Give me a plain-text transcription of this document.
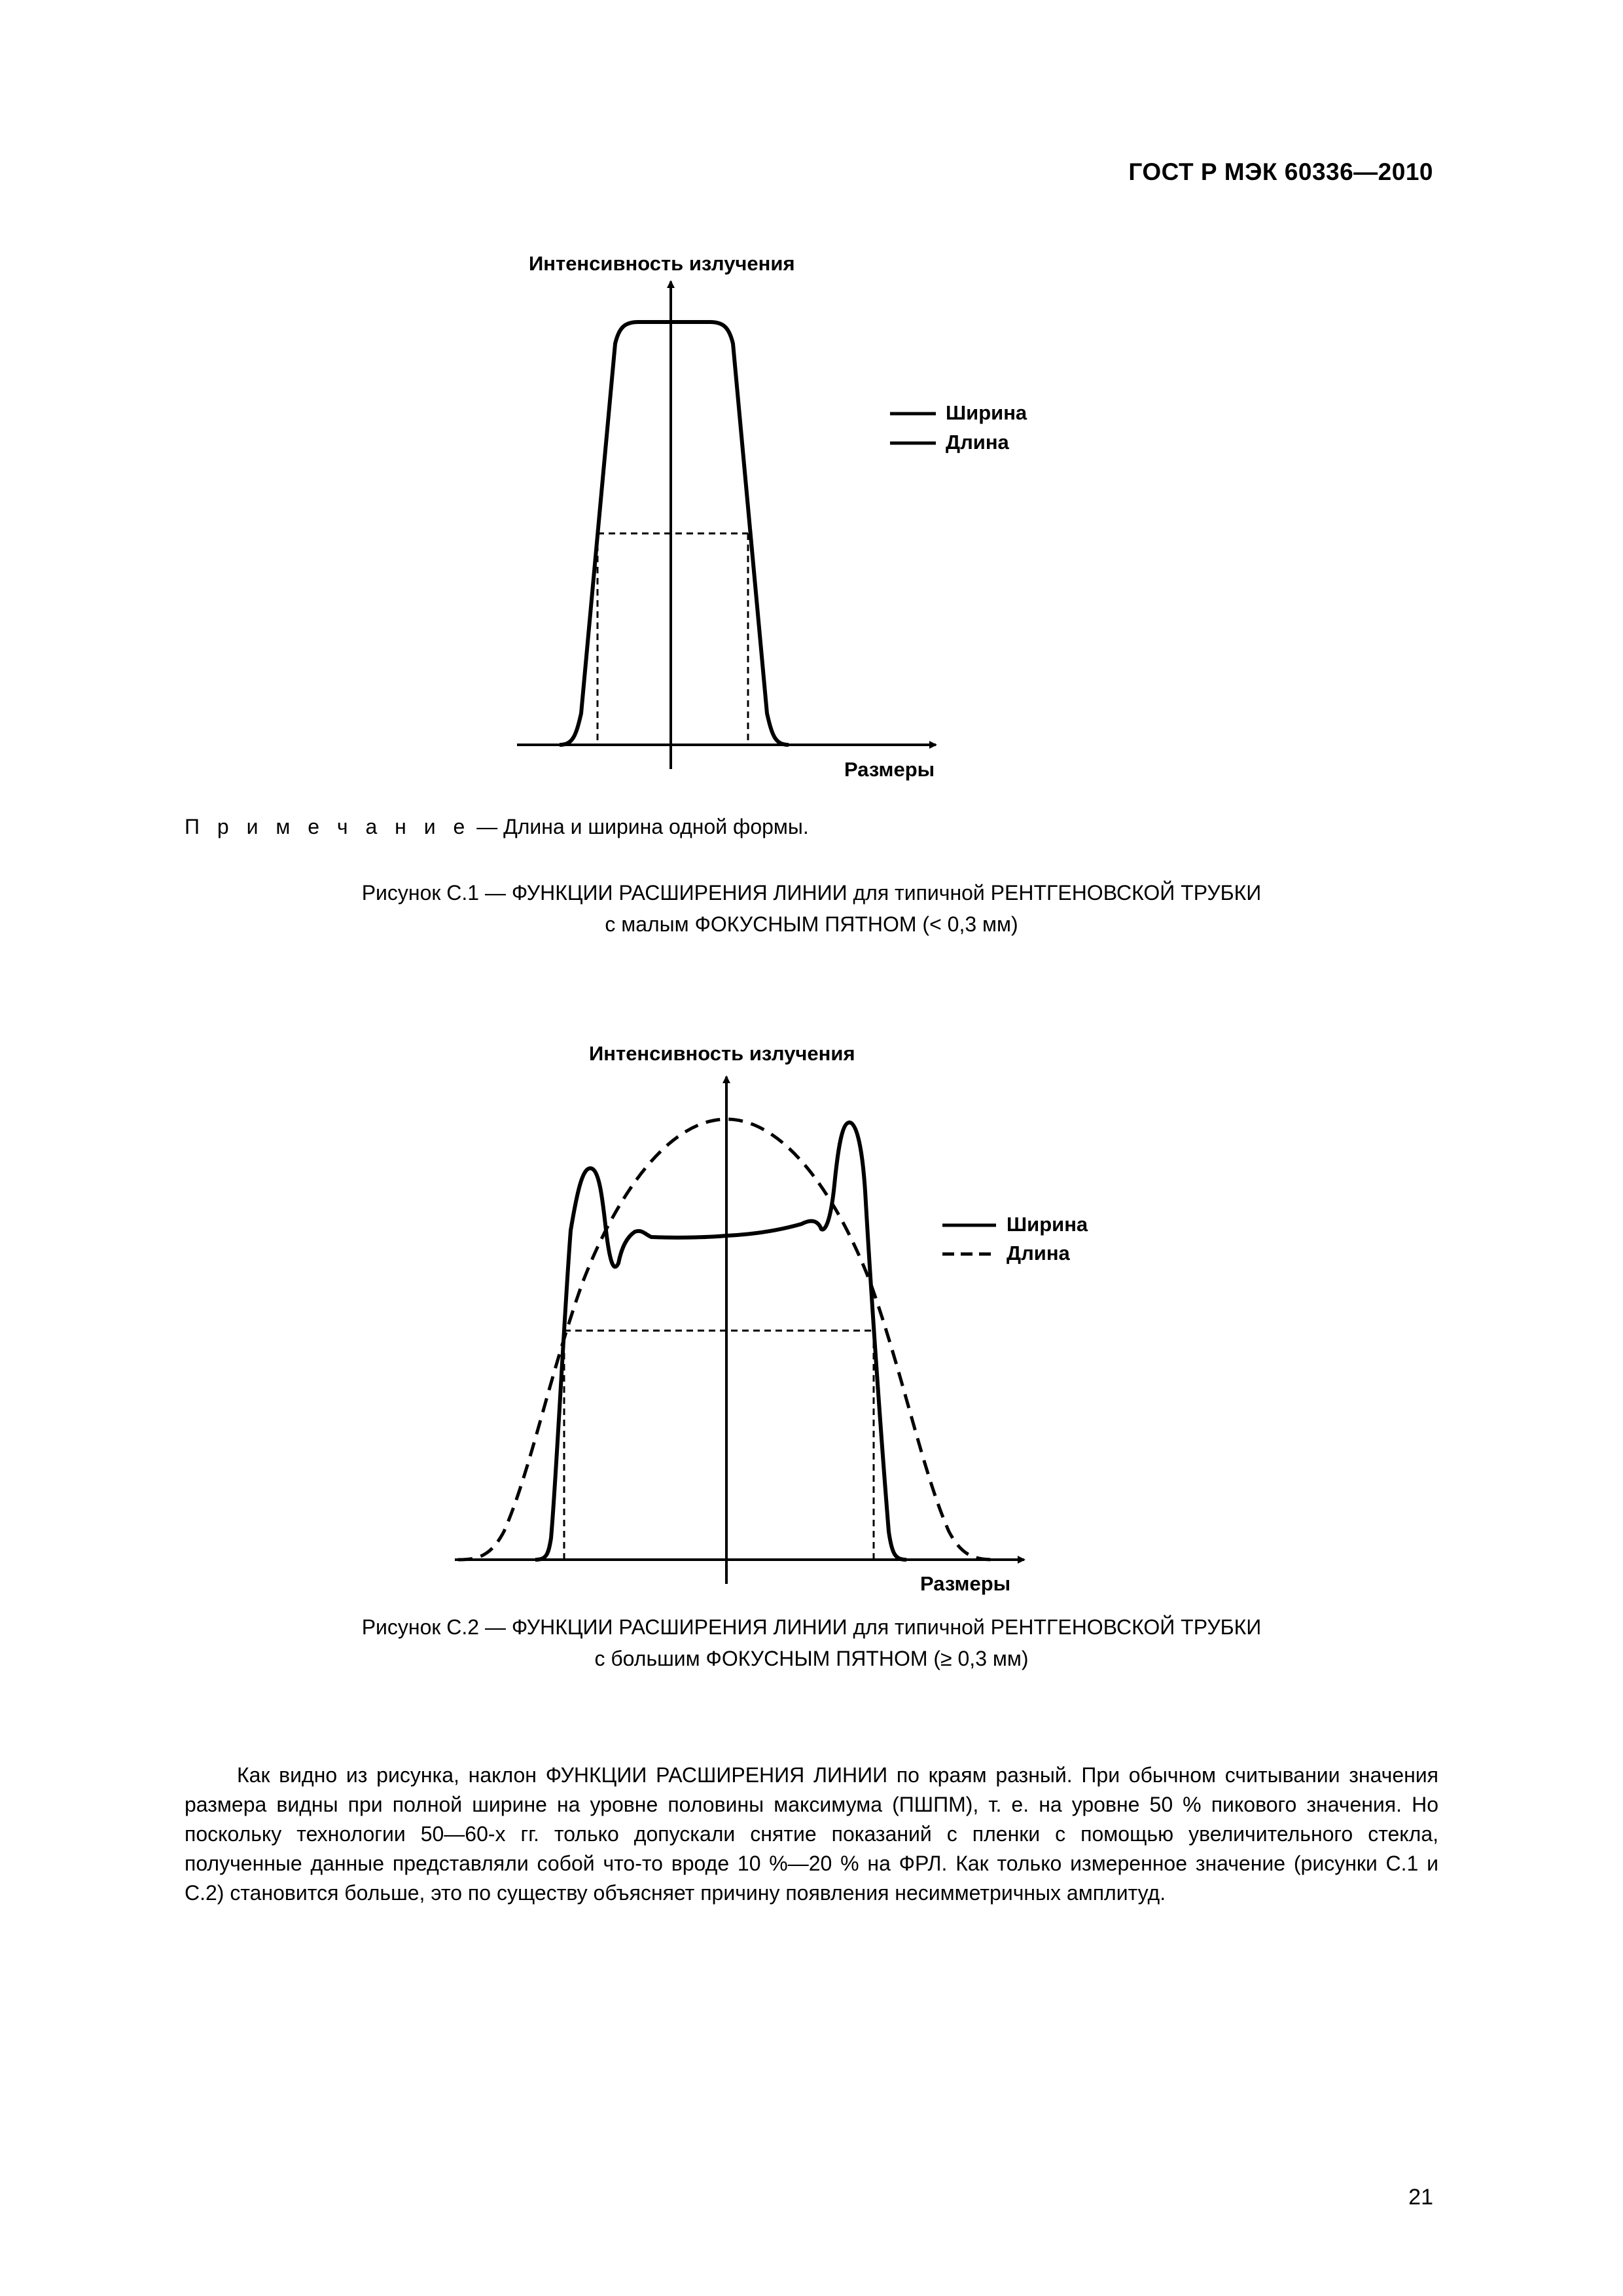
ГОСТ Р МЭК 60336—2010
Интенсивность излучения
Размеры
Ширина
Длина
П р и м е ч а н и е — Длина и ширина одной формы.
Рисунок C.1 — ФУНКЦИИ РАСШИРЕНИЯ ЛИНИИ для типичной РЕНТГЕНОВСКОЙ ТРУБКИ
с малым ФОКУСНЫМ ПЯТНОМ (< 0,3 мм)
Интенсивность излучения
Размеры
Ширина
Длина
Рисунок C.2 — ФУНКЦИИ РАСШИРЕНИЯ ЛИНИИ для типичной РЕНТГЕНОВСКОЙ ТРУБКИ
с большим ФОКУСНЫМ ПЯТНОМ (≥ 0,3 мм)

Как видно из рисунка, наклон ФУНКЦИИ РАСШИРЕНИЯ ЛИНИИ по краям разный. При обычном считывании значения размера видны при полной ширине на уровне половины максимума (ПШПМ), т. е. на уровне 50 % пикового значения. Но поскольку технологии 50—60-х гг. только допускали снятие показаний с пленки с помощью увеличительного стекла, полученные данные представляли собой что-то вроде 10 %—20 % на ФРЛ. Как только измеренное значение (рисунки C.1 и C.2) становится больше, это по существу объясняет причину появления несимметричных амплитуд.

21
